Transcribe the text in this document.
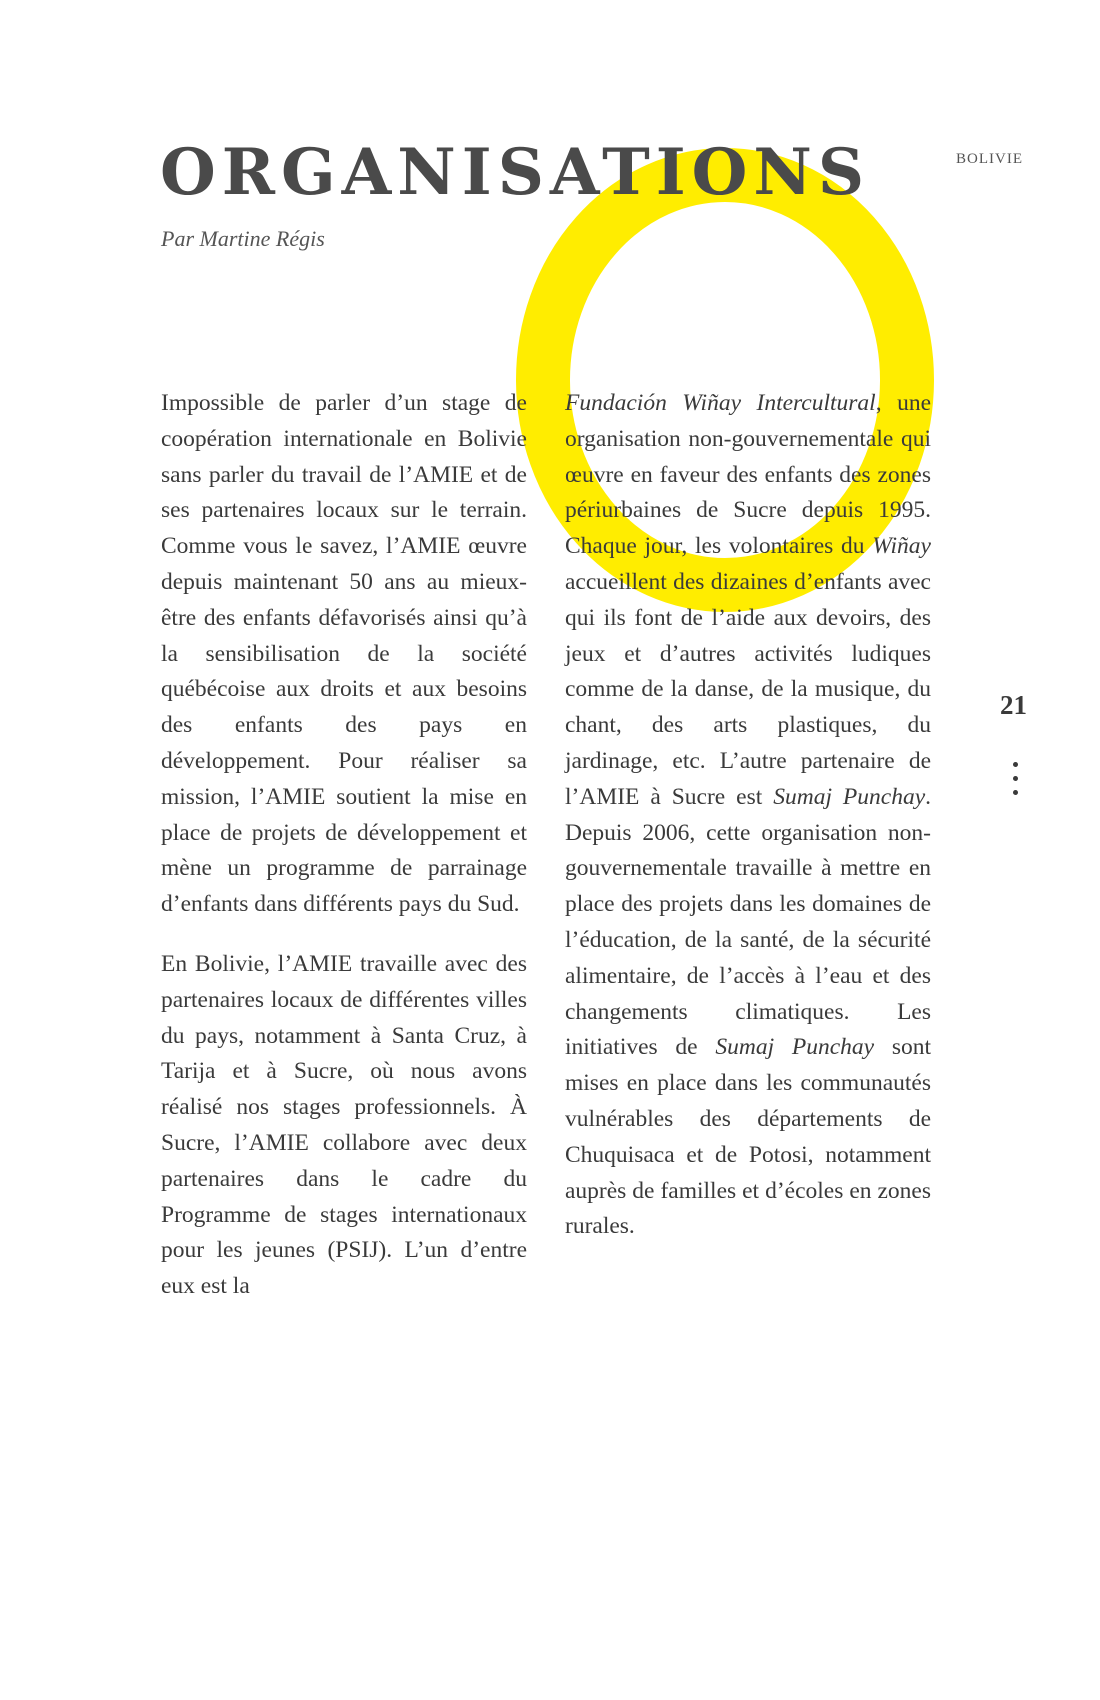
ORGANISATIONS

Par Martine Régis

BOLIVIE

Impossible de parler d’un stage de coopération internationale en Bolivie sans parler du travail de l’AMIE et de ses partenaires locaux sur le terrain. Comme vous le savez, l’AMIE œuvre depuis maintenant 50 ans au mieux-être des enfants défavorisés ainsi qu’à la sensibilisation de la société québécoise aux droits et aux besoins des enfants des pays en développement. Pour réaliser sa mission, l’AMIE soutient la mise en place de projets de développement et mène un programme de parrainage d’enfants dans différents pays du Sud.

En Bolivie, l’AMIE travaille avec des partenaires locaux de différentes villes du pays, notamment à Santa Cruz, à Tarija et à Sucre, où nous avons réalisé nos stages professionnels. À Sucre, l’AMIE collabore avec deux partenaires dans le cadre du Programme de stages internationaux pour les jeunes (PSIJ). L’un d’entre eux est la

Fundación Wiñay Intercultural, une organisation non-gouvernementale qui œuvre en faveur des enfants des zones périurbaines de Sucre depuis 1995. Chaque jour, les volontaires du Wiñay accueillent des dizaines d’enfants avec qui ils font de l’aide aux devoirs, des jeux et d’autres activités ludiques comme de la danse, de la musique, du chant, des arts plastiques, du jardinage, etc. L’autre partenaire de l’AMIE à Sucre est Sumaj Punchay. Depuis 2006, cette organisation non-gouvernementale travaille à mettre en place des projets dans les domaines de l’éducation, de la santé, de la sécurité alimentaire, de l’accès à l’eau et des changements climatiques. Les initiatives de Sumaj Punchay sont mises en place dans les communautés vulnérables des départements de Chuquisaca et de Potosi, notamment auprès de familles et d’écoles en zones rurales.

21
